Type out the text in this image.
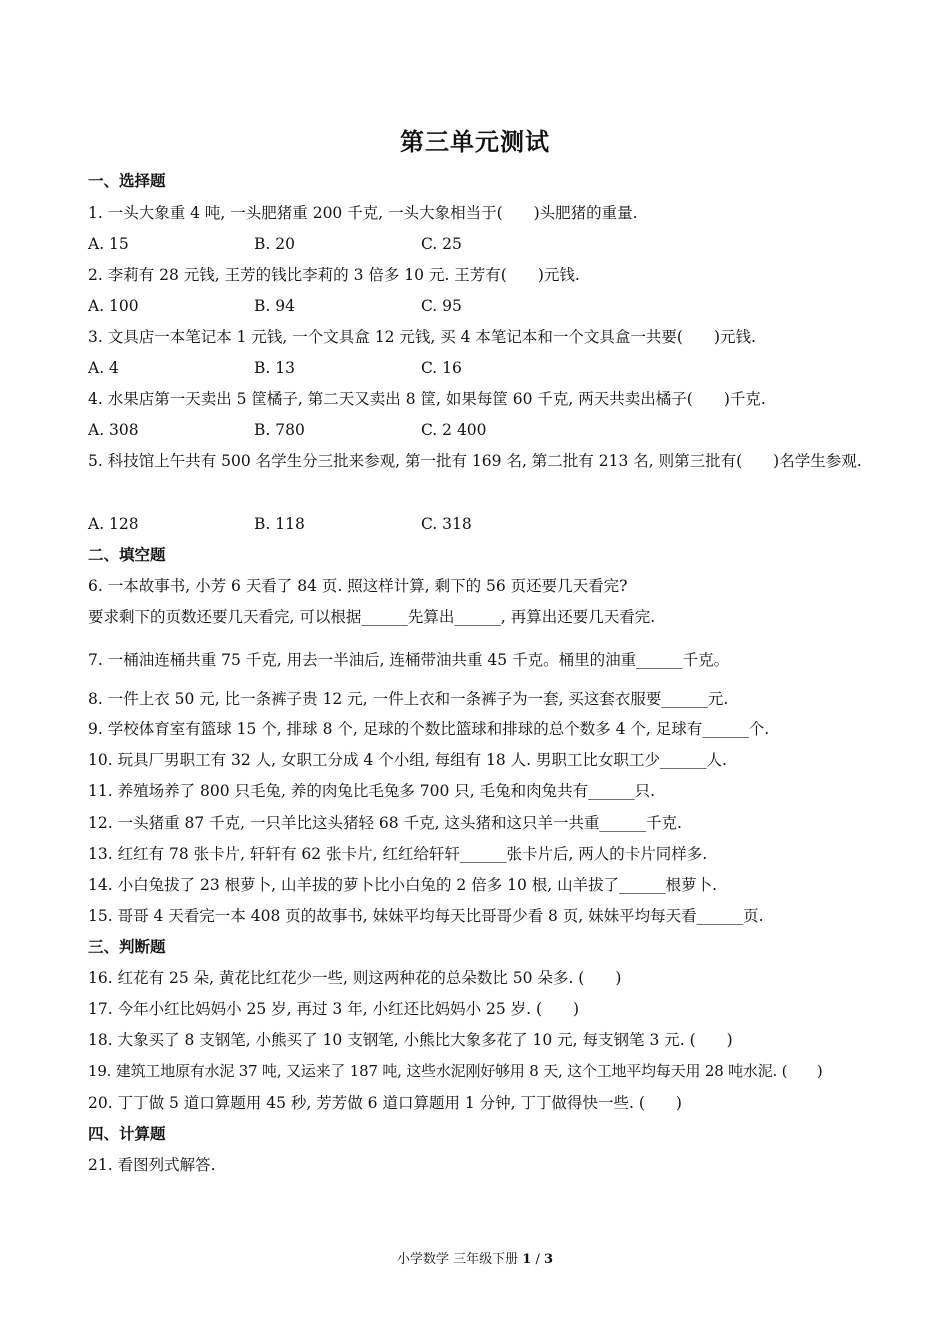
第三单元测试
一、选择题
1. 一头大象重 4 吨, 一头肥猪重 200 千克, 一头大象相当于(　　)头肥猪的重量.
A. 15	B. 20	C. 25
2. 李莉有 28 元钱, 王芳的钱比李莉的 3 倍多 10 元. 王芳有(　　)元钱.
A. 100	B. 94	C. 95
3. 文具店一本笔记本 1 元钱, 一个文具盒 12 元钱, 买 4 本笔记本和一个文具盒一共要(　　)元钱.
A. 4	B. 13	C. 16
4. 水果店第一天卖出 5 筐橘子, 第二天又卖出 8 筐, 如果每筐 60 千克, 两天共卖出橘子(　　)千克.
A. 308	B. 780	C. 2 400
5. 科技馆上午共有 500 名学生分三批来参观, 第一批有 169 名, 第二批有 213 名, 则第三批有(　　)名学生参观.
A. 128	B. 118	C. 318
二、填空题
6. 一本故事书, 小芳 6 天看了 84 页. 照这样计算, 剩下的 56 页还要几天看完?
要求剩下的页数还要几天看完, 可以根据______先算出______, 再算出还要几天看完.
7. 一桶油连桶共重 75 千克, 用去一半油后, 连桶带油共重 45 千克。桶里的油重______千克。
8. 一件上衣 50 元, 比一条裤子贵 12 元, 一件上衣和一条裤子为一套, 买这套衣服要______元.
9. 学校体育室有篮球 15 个, 排球 8 个, 足球的个数比篮球和排球的总个数多 4 个, 足球有______个.
10. 玩具厂男职工有 32 人, 女职工分成 4 个小组, 每组有 18 人. 男职工比女职工少______人.
11. 养殖场养了 800 只毛兔, 养的肉兔比毛兔多 700 只, 毛兔和肉兔共有______只.
12. 一头猪重 87 千克, 一只羊比这头猪轻 68 千克, 这头猪和这只羊一共重______千克.
13. 红红有 78 张卡片, 轩轩有 62 张卡片, 红红给轩轩______张卡片后, 两人的卡片同样多.
14. 小白兔拔了 23 根萝卜, 山羊拔的萝卜比小白兔的 2 倍多 10 根, 山羊拔了______根萝卜.
15. 哥哥 4 天看完一本 408 页的故事书, 妹妹平均每天比哥哥少看 8 页, 妹妹平均每天看______页.
三、判断题
16. 红花有 25 朵, 黄花比红花少一些, 则这两种花的总朵数比 50 朵多. (　　)
17. 今年小红比妈妈小 25 岁, 再过 3 年, 小红还比妈妈小 25 岁. (　　)
18. 大象买了 8 支钢笔, 小熊买了 10 支钢笔, 小熊比大象多花了 10 元, 每支钢笔 3 元. (　　)
19. 建筑工地原有水泥 37 吨, 又运来了 187 吨, 这些水泥刚好够用 8 天, 这个工地平均每天用 28 吨水泥. (　　)
20. 丁丁做 5 道口算题用 45 秒, 芳芳做 6 道口算题用 1 分钟, 丁丁做得快一些. (　　)
四、计算题
21. 看图列式解答.
小学数学 三年级下册 1 / 3
